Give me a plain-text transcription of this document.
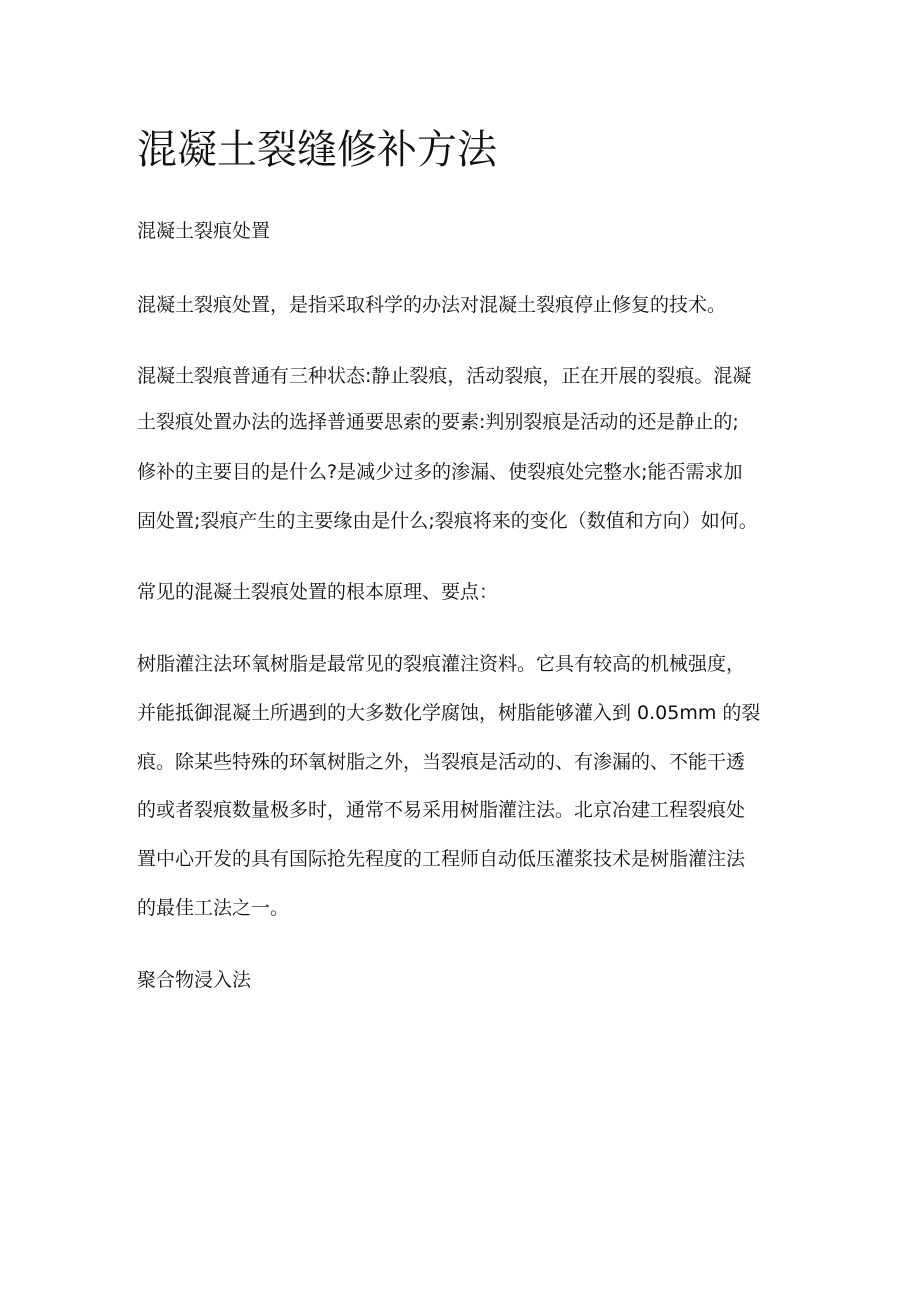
混凝土裂缝修补方法

混凝土裂痕处置

混凝土裂痕处置，是指采取科学的办法对混凝土裂痕停止修复的技术。

混凝土裂痕普通有三种状态:静止裂痕，活动裂痕，正在开展的裂痕。混凝

土裂痕处置办法的选择普通要思索的要素:判别裂痕是活动的还是静止的;

修补的主要目的是什么?是减少过多的渗漏、使裂痕处完整水;能否需求加

固处置;裂痕产生的主要缘由是什么;裂痕将来的变化（数值和方向）如何。

常见的混凝土裂痕处置的根本原理、要点：

树脂灌注法环氧树脂是最常见的裂痕灌注资料。它具有较高的机械强度，

并能抵御混凝土所遇到的大多数化学腐蚀，树脂能够灌入到 0.05mm 的裂

痕。除某些特殊的环氧树脂之外，当裂痕是活动的、有渗漏的、不能干透

的或者裂痕数量极多时，通常不易采用树脂灌注法。北京冶建工程裂痕处

置中心开发的具有国际抢先程度的工程师自动低压灌浆技术是树脂灌注法

的最佳工法之一。

聚合物浸入法
